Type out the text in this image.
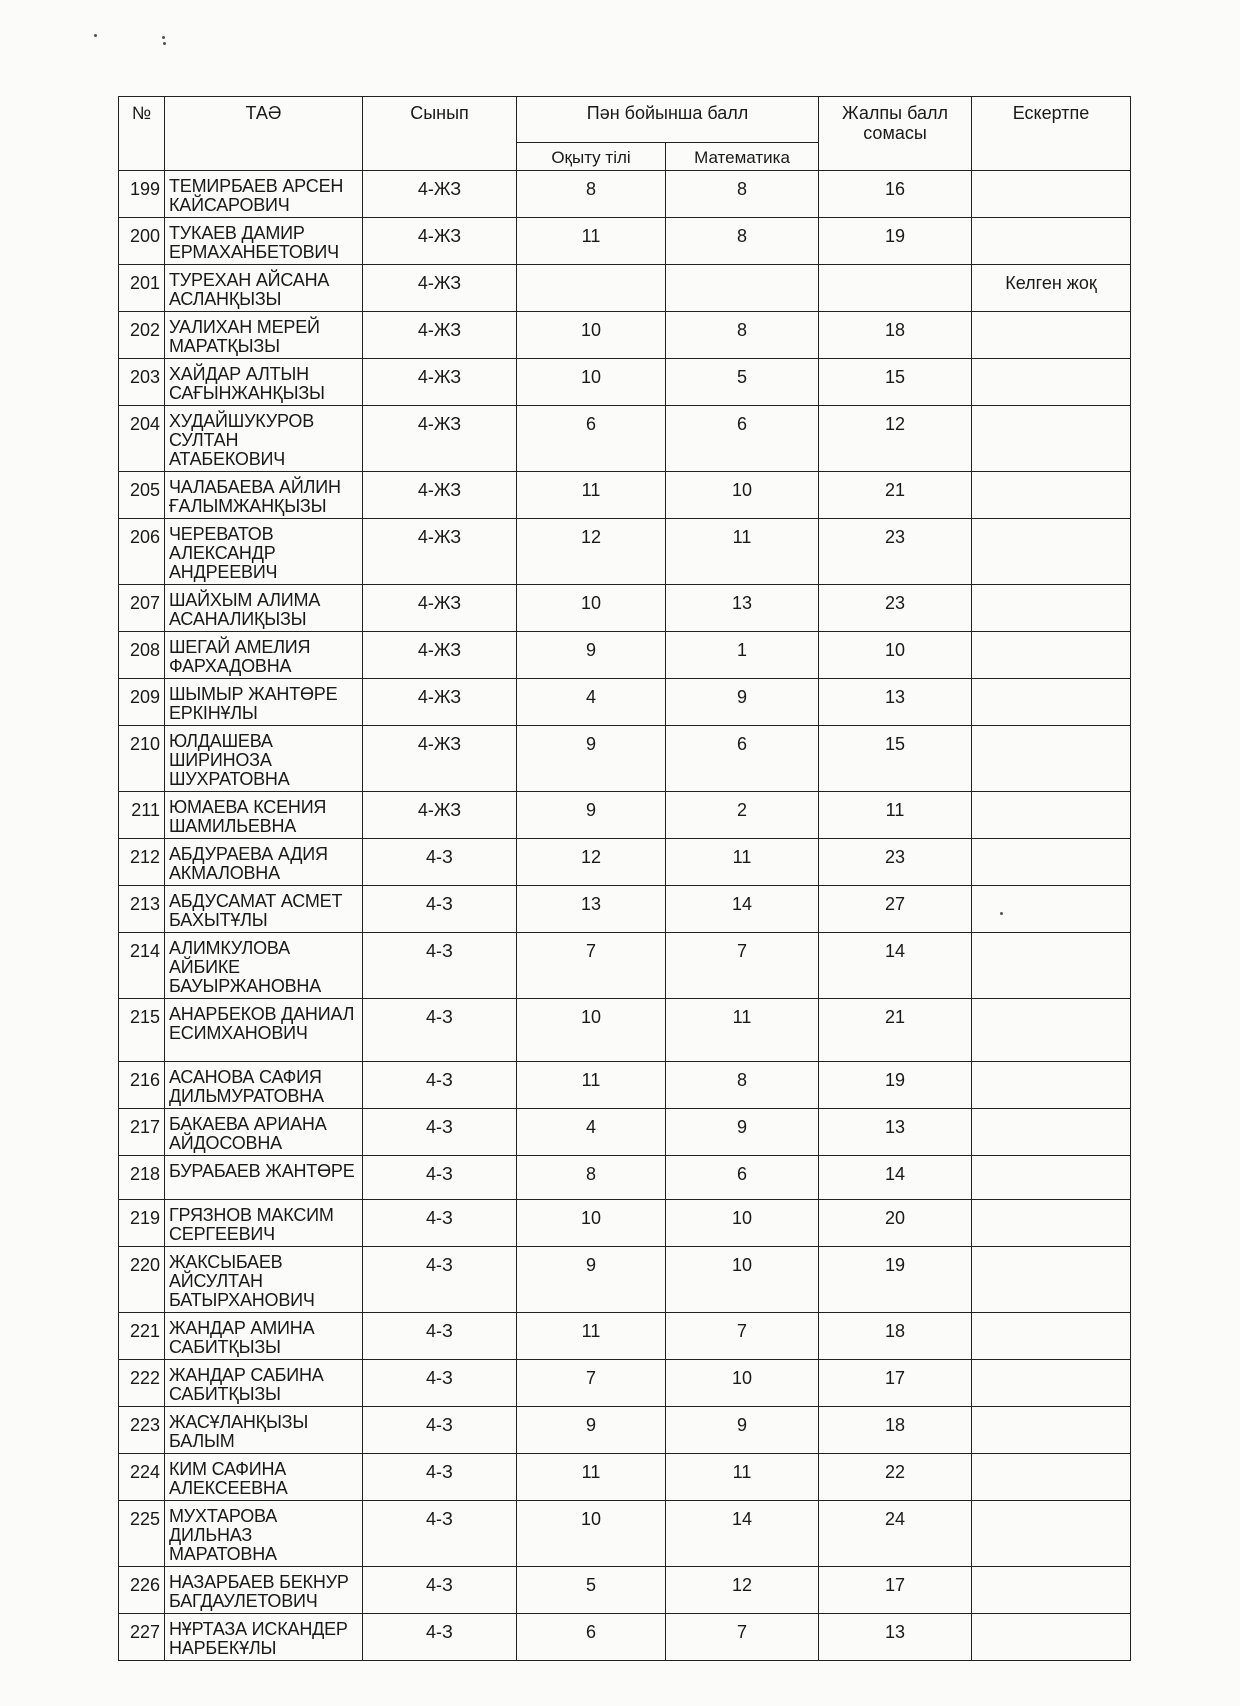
№	ТАӘ	Сынып	Пән бойынша балл		Жалпы балл сомасы	Ескертпе
			Оқыту тілі	Математика		
199	ТЕМИРБАЕВ АРСЕН КАЙСАРОВИЧ	4-ЖЗ	8	8	16	
200	ТУКАЕВ ДАМИР ЕРМАХАНБЕТОВИЧ	4-ЖЗ	11	8	19	
201	ТУРЕХАН АЙСАНА АСЛАНҚЫЗЫ	4-ЖЗ				Келген жоқ
202	УАЛИХАН МЕРЕЙ МАРАТҚЫЗЫ	4-ЖЗ	10	8	18	
203	ХАЙДАР АЛТЫН САҒЫНЖАНҚЫЗЫ	4-ЖЗ	10	5	15	
204	ХУДАЙШУКУРОВ СУЛТАН АТАБЕКОВИЧ	4-ЖЗ	6	6	12	
205	ЧАЛАБАЕВА АЙЛИН ҒАЛЫМЖАНҚЫЗЫ	4-ЖЗ	11	10	21	
206	ЧЕРЕВАТОВ АЛЕКСАНДР АНДРЕЕВИЧ	4-ЖЗ	12	11	23	
207	ШАЙХЫМ АЛИМА АСАНАЛИҚЫЗЫ	4-ЖЗ	10	13	23	
208	ШЕГАЙ АМЕЛИЯ ФАРХАДОВНА	4-ЖЗ	9	1	10	
209	ШЫМЫР ЖАНТӨРЕ ЕРКІНҰЛЫ	4-ЖЗ	4	9	13	
210	ЮЛДАШЕВА ШИРИНОЗА ШУХРАТОВНА	4-ЖЗ	9	6	15	
211	ЮМАЕВА КСЕНИЯ ШАМИЛЬЕВНА	4-ЖЗ	9	2	11	
212	АБДУРАЕВА АДИЯ АКМАЛОВНА	4-З	12	11	23	
213	АБДУСАМАТ АСМЕТ БАХЫТҰЛЫ	4-З	13	14	27	
214	АЛИМКУЛОВА АЙБИКЕ БАУЫРЖАНОВНА	4-З	7	7	14	
215	АНАРБЕКОВ ДАНИАЛ ЕСИМХАНОВИЧ	4-З	10	11	21	
216	АСАНОВА САФИЯ ДИЛЬМУРАТОВНА	4-З	11	8	19	
217	БАКАЕВА АРИАНА АЙДОСОВНА	4-З	4	9	13	
218	БУРАБАЕВ ЖАНТӨРЕ	4-З	8	6	14	
219	ГРЯЗНОВ МАКСИМ СЕРГЕЕВИЧ	4-З	10	10	20	
220	ЖАКСЫБАЕВ АЙСУЛТАН БАТЫРХАНОВИЧ	4-З	9	10	19	
221	ЖАНДАР АМИНА САБИТҚЫЗЫ	4-З	11	7	18	
222	ЖАНДАР САБИНА САБИТҚЫЗЫ	4-З	7	10	17	
223	ЖАСҰЛАНҚЫЗЫ БАЛЫМ	4-З	9	9	18	
224	КИМ САФИНА АЛЕКСЕЕВНА	4-З	11	11	22	
225	МУХТАРОВА ДИЛЬНАЗ МАРАТОВНА	4-З	10	14	24	
226	НАЗАРБАЕВ БЕКНУР БАГДАУЛЕТОВИЧ	4-З	5	12	17	
227	НҰРТАЗА ИСКАНДЕР НАРБЕКҰЛЫ	4-З	6	7	13	
